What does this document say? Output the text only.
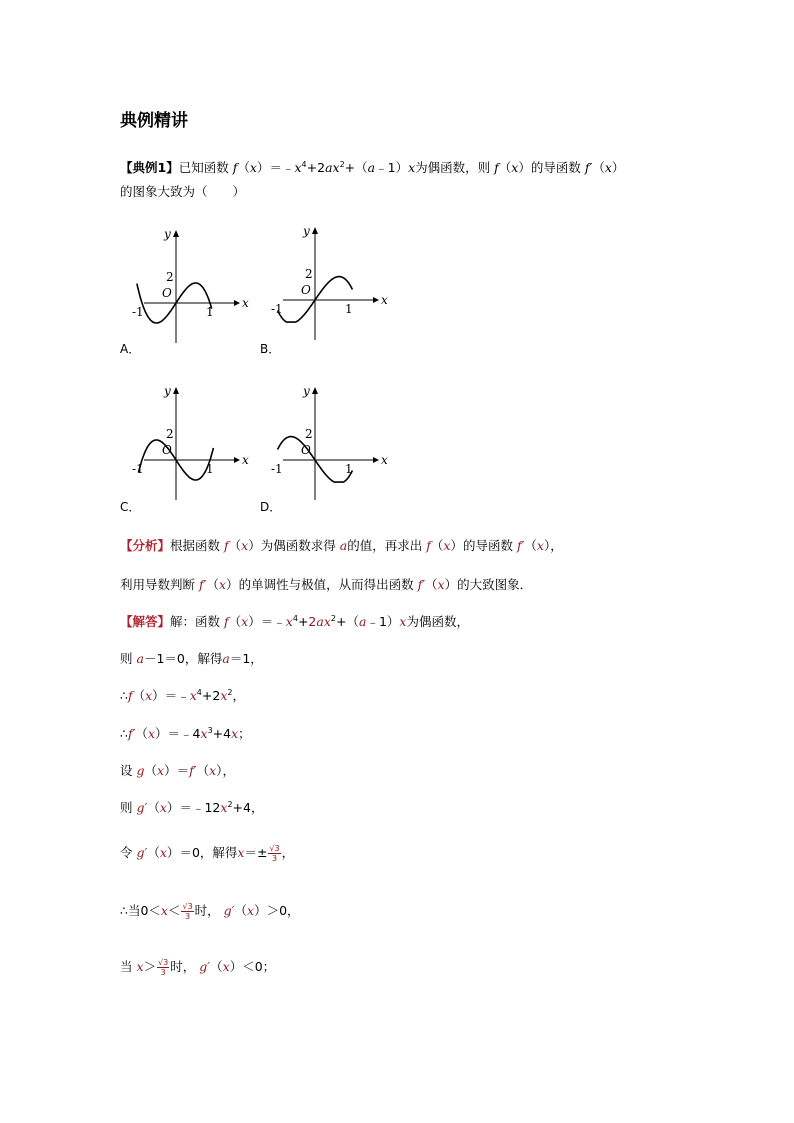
典例精讲
【典例1】已知函数 $f(x)=﹣x^4+2ax^2+(a﹣1)x$为偶函数，则 f（x）的导函数 f′（x）
的图象大致为（　　）
y
x
O
-1	1
2
y
x
O
-1	1
2
y
x
O
-1	1
2
y
x
O
-1	1
2
A．	B．
C．	D．
【分析】根据函数 f（x）为偶函数求得 a的值，再求出 f（x）的导函数 f′（x），
利用导数判断 f′（x）的单调性与极值，从而得出函数 f′（x）的大致图象．
【解答】解：函数 $f(x)=﹣x^4+2ax^2+(a﹣1)x$为偶函数，
则 a－1＝0，解得a＝1，
$\therefore f(x)=﹣x^4+2x^2$，
$\therefore f'(x)=﹣4x^3+4x$；
设 g（x）＝f′（x），
则 $g'(x)=﹣12x^2+4$，
令 g′（x）＝0，解得$x=\pm \frac{√3}{3}$ ，
∴当$0<x< \frac{√3}{3}$ 时， g′（x）＞0，
当 $x> \frac{√3}{3}$ 时， g′（x）＜0；
